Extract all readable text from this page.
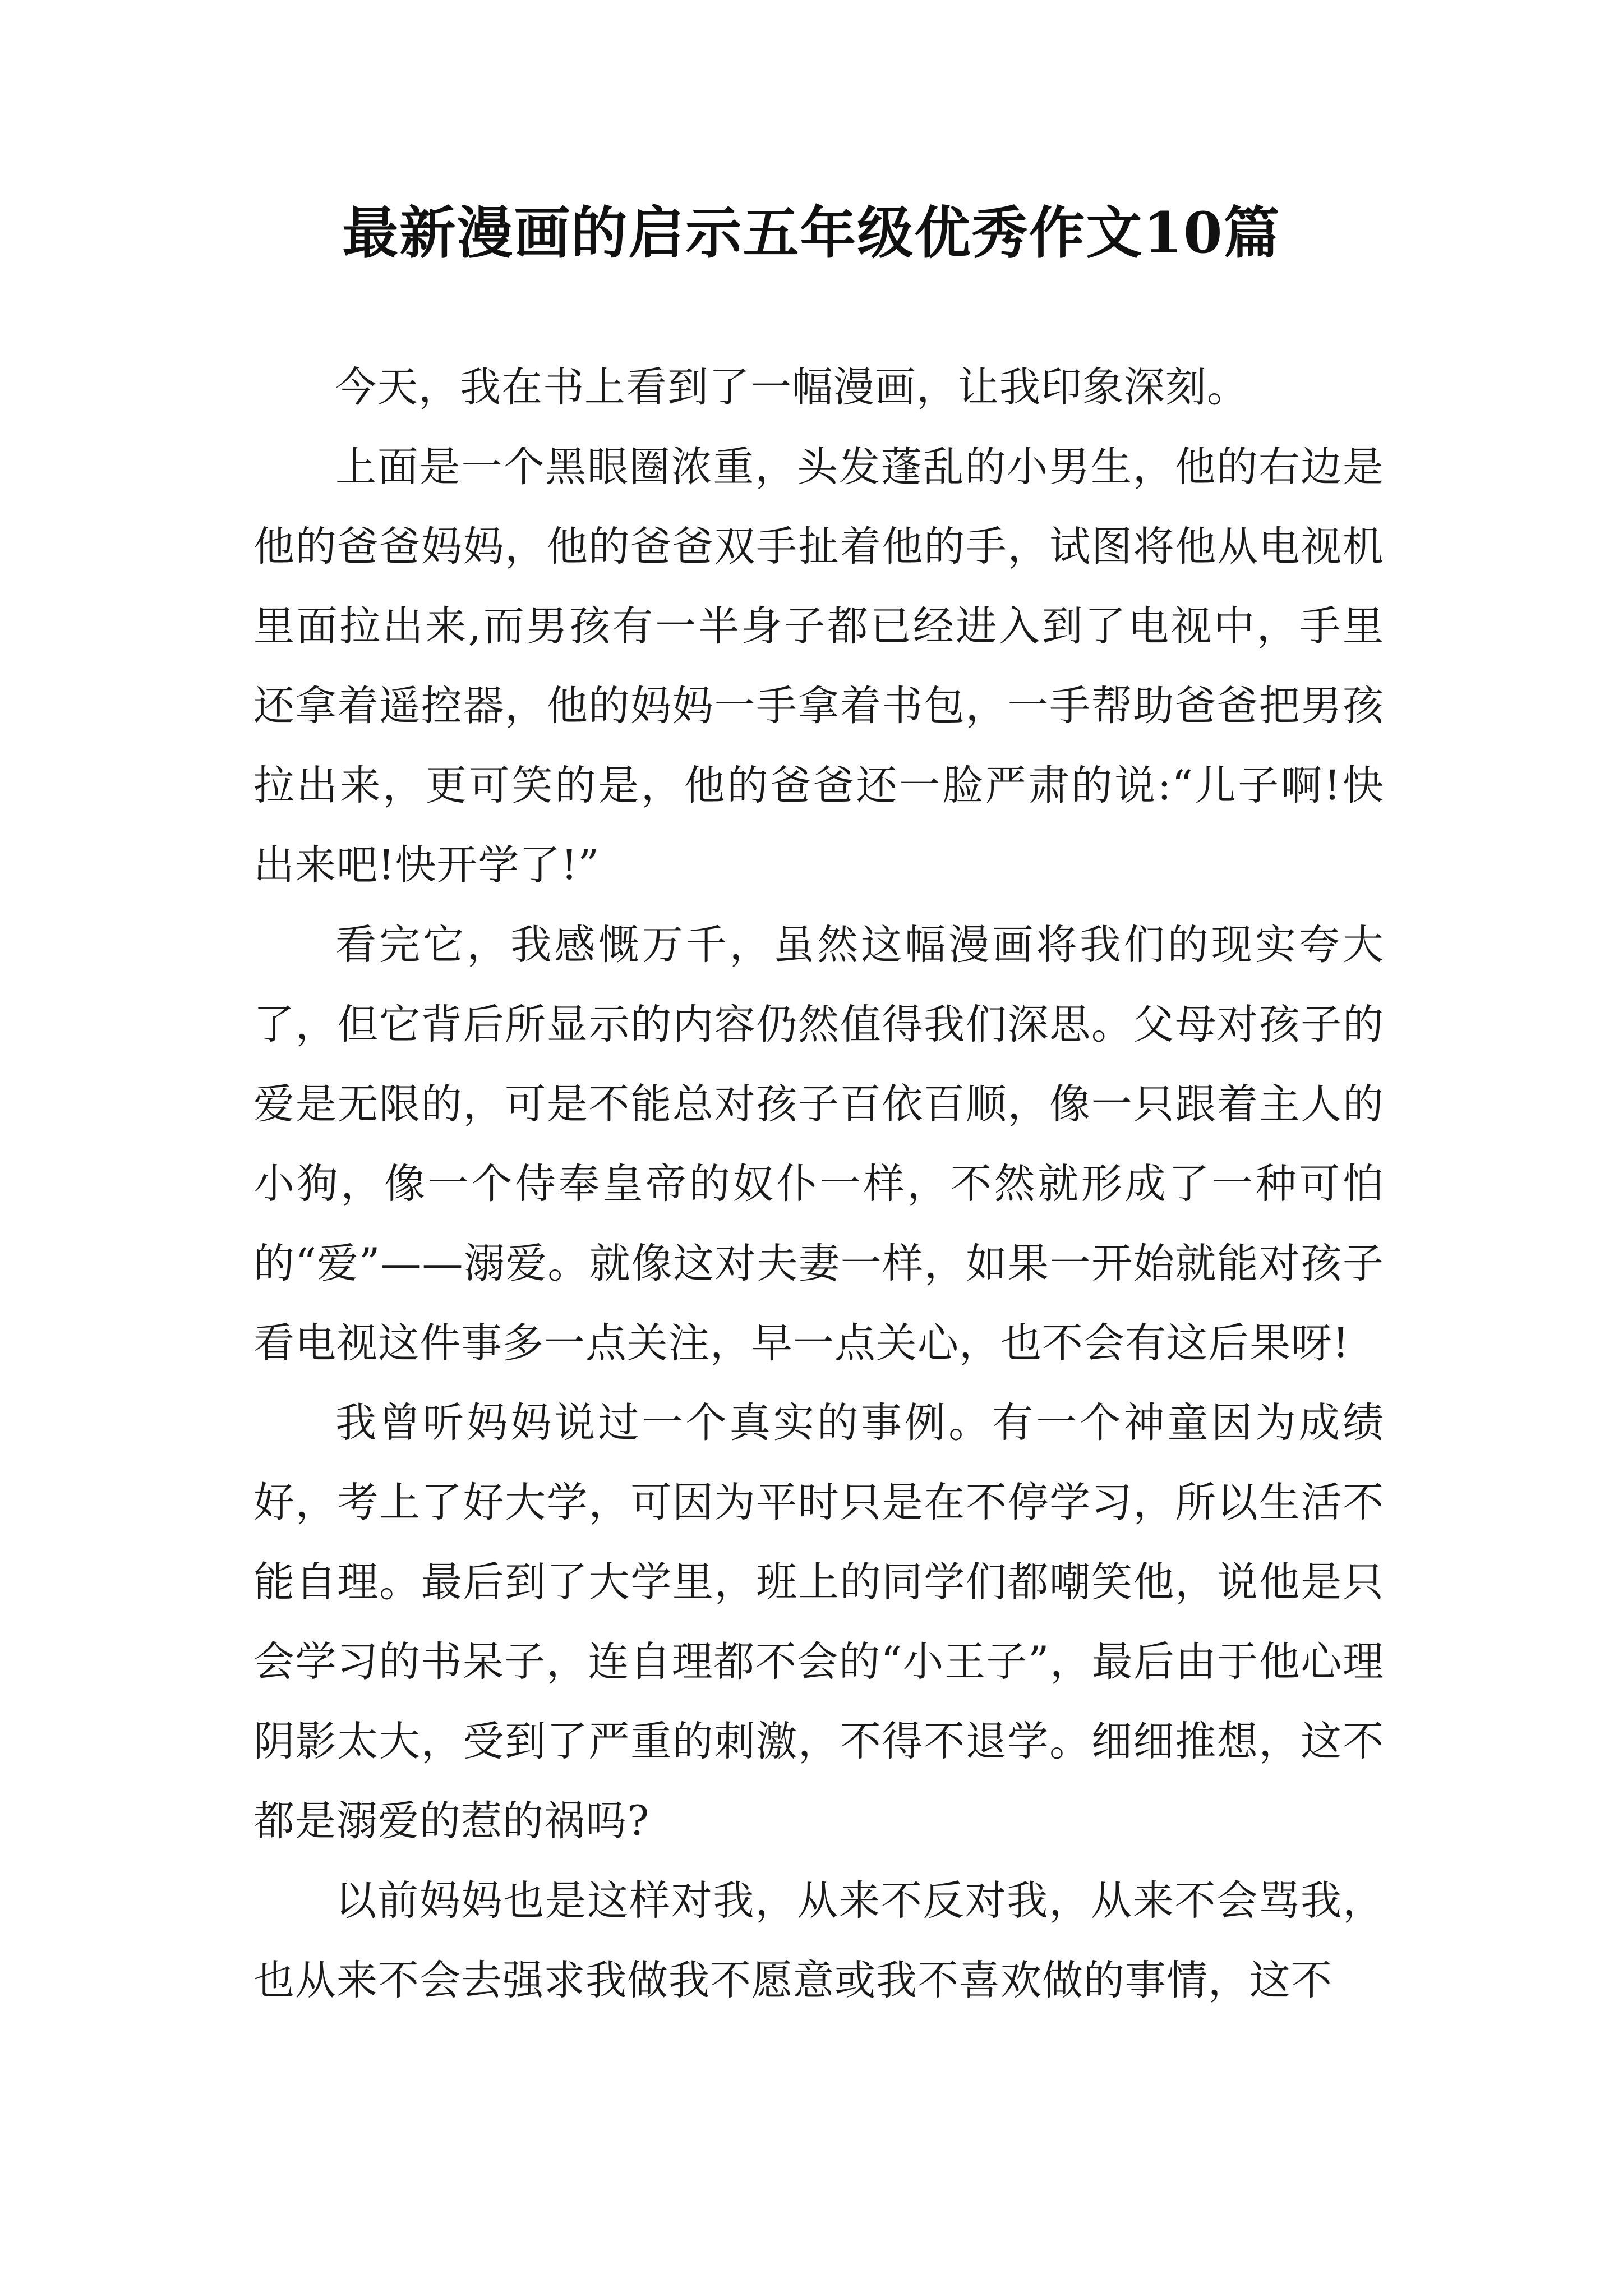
最新漫画的启示五年级优秀作文10篇

今天，我在书上看到了一幅漫画，让我印象深刻。

上面是一个黑眼圈浓重，头发蓬乱的小男生，他的右边是他的爸爸妈妈，他的爸爸双手扯着他的手，试图将他从电视机里面拉出来,而男孩有一半身子都已经进入到了电视中，手里还拿着遥控器，他的妈妈一手拿着书包，一手帮助爸爸把男孩拉出来，更可笑的是，他的爸爸还一脸严肃的说:“儿子啊!快出来吧!快开学了!”

看完它，我感慨万千，虽然这幅漫画将我们的现实夸大了，但它背后所显示的内容仍然值得我们深思。父母对孩子的爱是无限的，可是不能总对孩子百依百顺，像一只跟着主人的小狗，像一个侍奉皇帝的奴仆一样，不然就形成了一种可怕的“爱”——溺爱。就像这对夫妻一样，如果一开始就能对孩子看电视这件事多一点关注，早一点关心，也不会有这后果呀!

我曾听妈妈说过一个真实的事例。有一个神童因为成绩好，考上了好大学，可因为平时只是在不停学习，所以生活不能自理。最后到了大学里，班上的同学们都嘲笑他，说他是只会学习的书呆子，连自理都不会的“小王子”，最后由于他心理阴影太大，受到了严重的刺激，不得不退学。细细推想，这不都是溺爱的惹的祸吗?

以前妈妈也是这样对我，从来不反对我，从来不会骂我，也从来不会去强求我做我不愿意或我不喜欢做的事情，这不
